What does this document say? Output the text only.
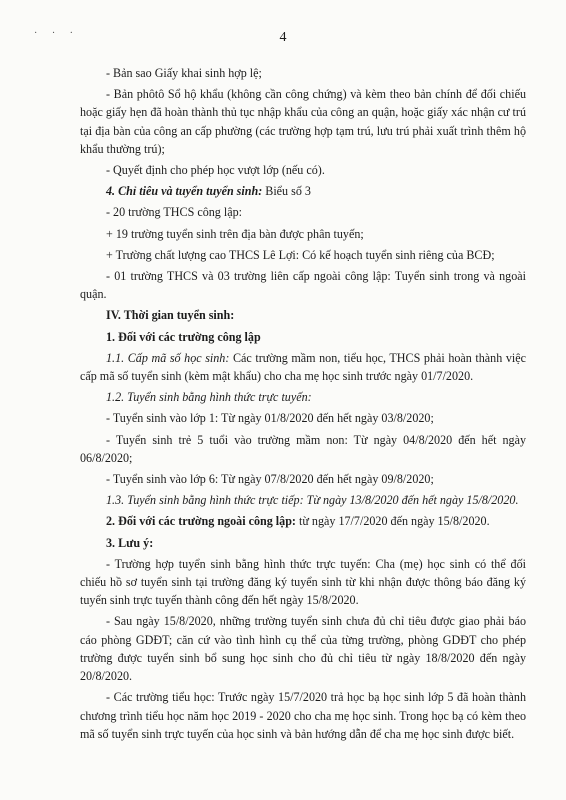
· · ·	4

- Bản sao Giấy khai sinh hợp lệ;

- Bản phôtô Sổ hộ khẩu (không cần công chứng) và kèm theo bản chính để đối chiếu hoặc giấy hẹn đã hoàn thành thủ tục nhập khẩu của công an quận, hoặc giấy xác nhận cư trú tại địa bàn của công an cấp phường (các trường hợp tạm trú, lưu trú phải xuất trình thêm hộ khẩu thường trú);

- Quyết định cho phép học vượt lớp (nếu có).

4. Chỉ tiêu và tuyển tuyển sinh: Biểu số 3

- 20 trường THCS công lập:

+ 19 trường tuyển sinh trên địa bàn được phân tuyến;

+ Trường chất lượng cao THCS Lê Lợi: Có kế hoạch tuyển sinh riêng của BCĐ;

- 01 trường THCS và 03 trường liên cấp ngoài công lập: Tuyển sinh trong và ngoài quận.

IV. Thời gian tuyển sinh:

1. Đối với các trường công lập

1.1. Cấp mã số học sinh: Các trường mầm non, tiểu học, THCS phải hoàn thành việc cấp mã số tuyển sinh (kèm mật khẩu) cho cha mẹ học sinh trước ngày 01/7/2020.

1.2. Tuyển sinh bằng hình thức trực tuyến:

- Tuyển sinh vào lớp 1: Từ ngày 01/8/2020 đến hết ngày 03/8/2020;

- Tuyển sinh trẻ 5 tuổi vào trường mầm non: Từ ngày 04/8/2020 đến hết ngày 06/8/2020;

- Tuyển sinh vào lớp 6: Từ ngày 07/8/2020 đến hết ngày 09/8/2020;

1.3. Tuyển sinh bằng hình thức trực tiếp: Từ ngày 13/8/2020 đến hết ngày 15/8/2020.

2. Đối với các trường ngoài công lập: từ ngày 17/7/2020 đến ngày 15/8/2020.

3. Lưu ý:

- Trường hợp tuyển sinh bằng hình thức trực tuyến: Cha (mẹ) học sinh có thể đối chiếu hồ sơ tuyển sinh tại trường đăng ký tuyển sinh từ khi nhận được thông báo đăng ký tuyển sinh trực tuyến thành công đến hết ngày 15/8/2020.

- Sau ngày 15/8/2020, những trường tuyển sinh chưa đủ chỉ tiêu được giao phải báo cáo phòng GDĐT; căn cứ vào tình hình cụ thể của từng trường, phòng GDĐT cho phép trường được tuyển sinh bổ sung học sinh cho đủ chỉ tiêu từ ngày 18/8/2020 đến ngày 20/8/2020.

- Các trường tiểu học: Trước ngày 15/7/2020 trả học bạ học sinh lớp 5 đã hoàn thành chương trình tiểu học năm học 2019 - 2020 cho cha mẹ học sinh. Trong học bạ có kèm theo mã số tuyển sinh trực tuyến của học sinh và bản hướng dẫn để cha mẹ học sinh được biết.
